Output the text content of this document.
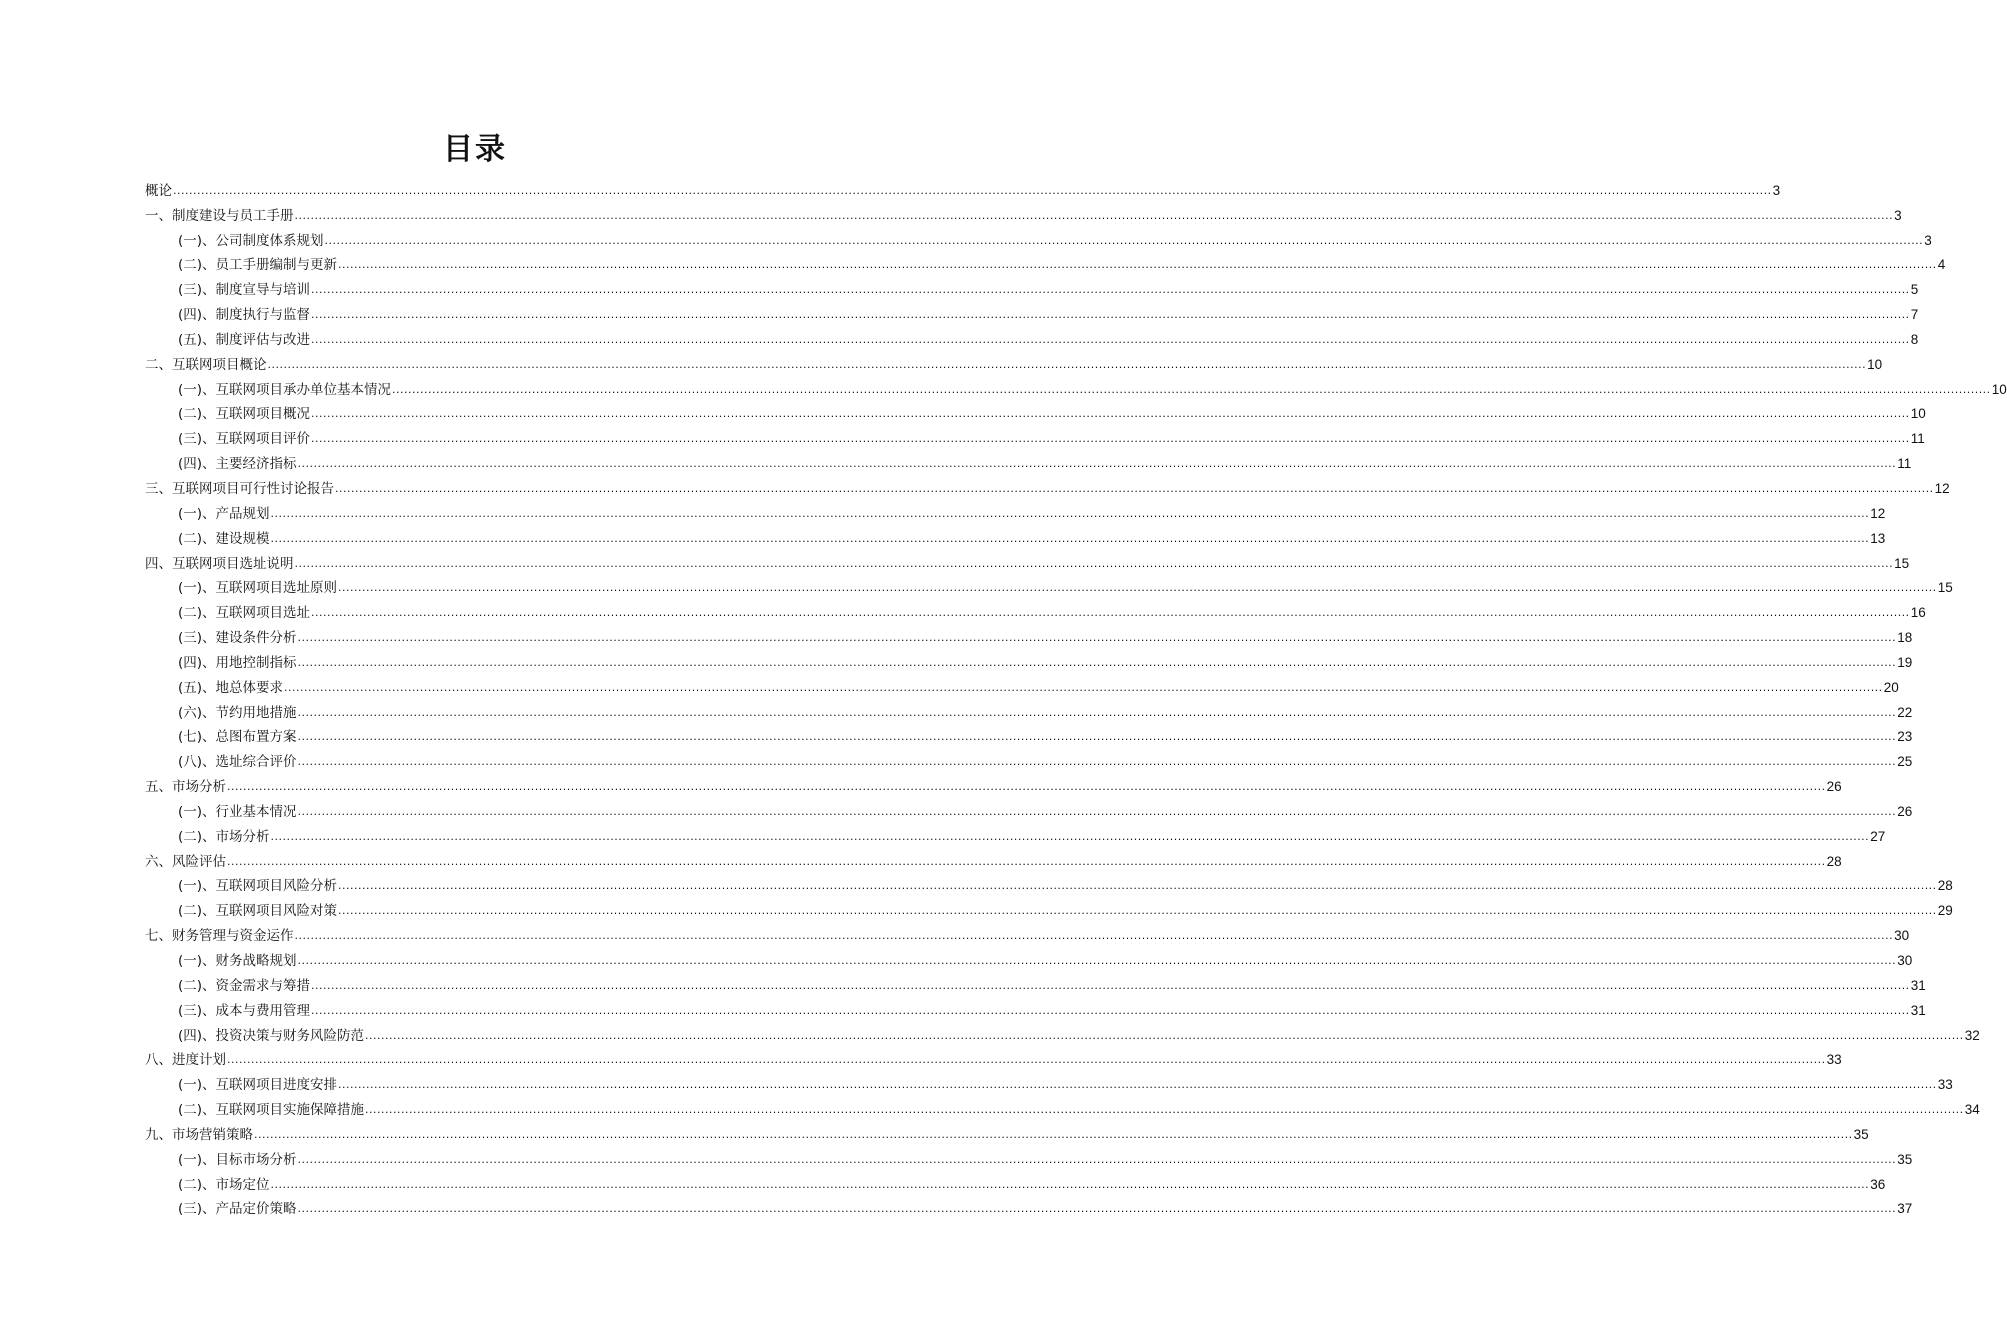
目录
概论 ................................................................................................................................................................................................................................................................................................................................................................................................................ 3
一、制度建设与员工手册 ................................................................................................................................................................................................................................................................................................................................................................................................................ 3
(一)、公司制度体系规划 ................................................................................................................................................................................................................................................................................................................................................................................................................ 3
(二)、员工手册编制与更新 ................................................................................................................................................................................................................................................................................................................................................................................................................ 4
(三)、制度宣导与培训 ................................................................................................................................................................................................................................................................................................................................................................................................................ 5
(四)、制度执行与监督 ................................................................................................................................................................................................................................................................................................................................................................................................................ 7
(五)、制度评估与改进 ................................................................................................................................................................................................................................................................................................................................................................................................................ 8
二、互联网项目概论 ................................................................................................................................................................................................................................................................................................................................................................................................................ 10
(一)、互联网项目承办单位基本情况 ................................................................................................................................................................................................................................................................................................................................................................................................................ 10
(二)、互联网项目概况 ................................................................................................................................................................................................................................................................................................................................................................................................................ 10
(三)、互联网项目评价 ................................................................................................................................................................................................................................................................................................................................................................................................................ 11
(四)、主要经济指标 ................................................................................................................................................................................................................................................................................................................................................................................................................ 11
三、互联网项目可行性讨论报告 ................................................................................................................................................................................................................................................................................................................................................................................................................ 12
(一)、产品规划 ................................................................................................................................................................................................................................................................................................................................................................................................................ 12
(二)、建设规模 ................................................................................................................................................................................................................................................................................................................................................................................................................ 13
四、互联网项目选址说明 ................................................................................................................................................................................................................................................................................................................................................................................................................ 15
(一)、互联网项目选址原则 ................................................................................................................................................................................................................................................................................................................................................................................................................ 15
(二)、互联网项目选址 ................................................................................................................................................................................................................................................................................................................................................................................................................ 16
(三)、建设条件分析 ................................................................................................................................................................................................................................................................................................................................................................................................................ 18
(四)、用地控制指标 ................................................................................................................................................................................................................................................................................................................................................................................................................ 19
(五)、地总体要求 ................................................................................................................................................................................................................................................................................................................................................................................................................ 20
(六)、节约用地措施 ................................................................................................................................................................................................................................................................................................................................................................................................................ 22
(七)、总图布置方案 ................................................................................................................................................................................................................................................................................................................................................................................................................ 23
(八)、选址综合评价 ................................................................................................................................................................................................................................................................................................................................................................................................................ 25
五、市场分析 ................................................................................................................................................................................................................................................................................................................................................................................................................ 26
(一)、行业基本情况 ................................................................................................................................................................................................................................................................................................................................................................................................................ 26
(二)、市场分析 ................................................................................................................................................................................................................................................................................................................................................................................................................ 27
六、风险评估 ................................................................................................................................................................................................................................................................................................................................................................................................................ 28
(一)、互联网项目风险分析 ................................................................................................................................................................................................................................................................................................................................................................................................................ 28
(二)、互联网项目风险对策 ................................................................................................................................................................................................................................................................................................................................................................................................................ 29
七、财务管理与资金运作 ................................................................................................................................................................................................................................................................................................................................................................................................................ 30
(一)、财务战略规划 ................................................................................................................................................................................................................................................................................................................................................................................................................ 30
(二)、资金需求与筹措 ................................................................................................................................................................................................................................................................................................................................................................................................................ 31
(三)、成本与费用管理 ................................................................................................................................................................................................................................................................................................................................................................................................................ 31
(四)、投资决策与财务风险防范 ................................................................................................................................................................................................................................................................................................................................................................................................................ 32
八、进度计划 ................................................................................................................................................................................................................................................................................................................................................................................................................ 33
(一)、互联网项目进度安排 ................................................................................................................................................................................................................................................................................................................................................................................................................ 33
(二)、互联网项目实施保障措施 ................................................................................................................................................................................................................................................................................................................................................................................................................ 34
九、市场营销策略 ................................................................................................................................................................................................................................................................................................................................................................................................................ 35
(一)、目标市场分析 ................................................................................................................................................................................................................................................................................................................................................................................................................ 35
(二)、市场定位 ................................................................................................................................................................................................................................................................................................................................................................................................................ 36
(三)、产品定价策略 ................................................................................................................................................................................................................................................................................................................................................................................................................ 37
